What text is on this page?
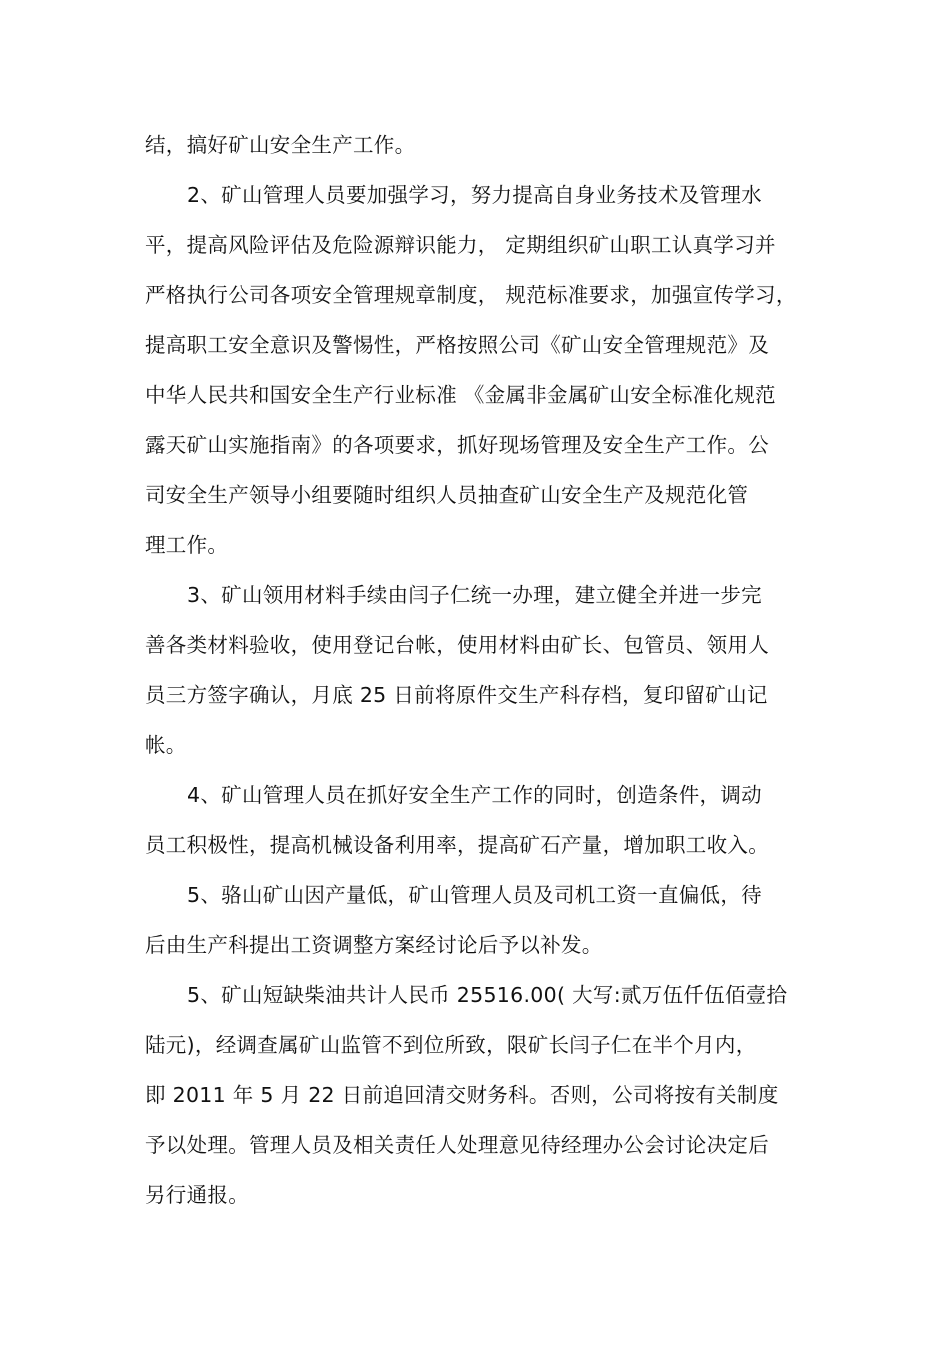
结，搞好矿山安全生产工作。
2、矿山管理人员要加强学习，努力提高自身业务技术及管理水
平，提高风险评估及危险源辩识能力， 定期组织矿山职工认真学习并
严格执行公司各项安全管理规章制度， 规范标准要求，加强宣传学习，
提高职工安全意识及警惕性，严格按照公司《矿山安全管理规范》及
中华人民共和国安全生产行业标准 《金属非金属矿山安全标准化规范
露天矿山实施指南》的各项要求，抓好现场管理及安全生产工作。公
司安全生产领导小组要随时组织人员抽查矿山安全生产及规范化管
理工作。
3、矿山领用材料手续由闫子仁统一办理，建立健全并进一步完
善各类材料验收，使用登记台帐，使用材料由矿长、包管员、领用人
员三方签字确认，月底 25 日前将原件交生产科存档，复印留矿山记
帐。
4、矿山管理人员在抓好安全生产工作的同时，创造条件，调动
员工积极性，提高机械设备利用率，提高矿石产量，增加职工收入。
5、骆山矿山因产量低，矿山管理人员及司机工资一直偏低，待
后由生产科提出工资调整方案经讨论后予以补发。
5、矿山短缺柴油共计人民币 25516.00( 大写:贰万伍仟伍佰壹拾
陆元)，经调查属矿山监管不到位所致，限矿长闫子仁在半个月内，
即 2011 年 5 月 22 日前追回清交财务科。否则，公司将按有关制度
予以处理。管理人员及相关责任人处理意见待经理办公会讨论决定后
另行通报。
